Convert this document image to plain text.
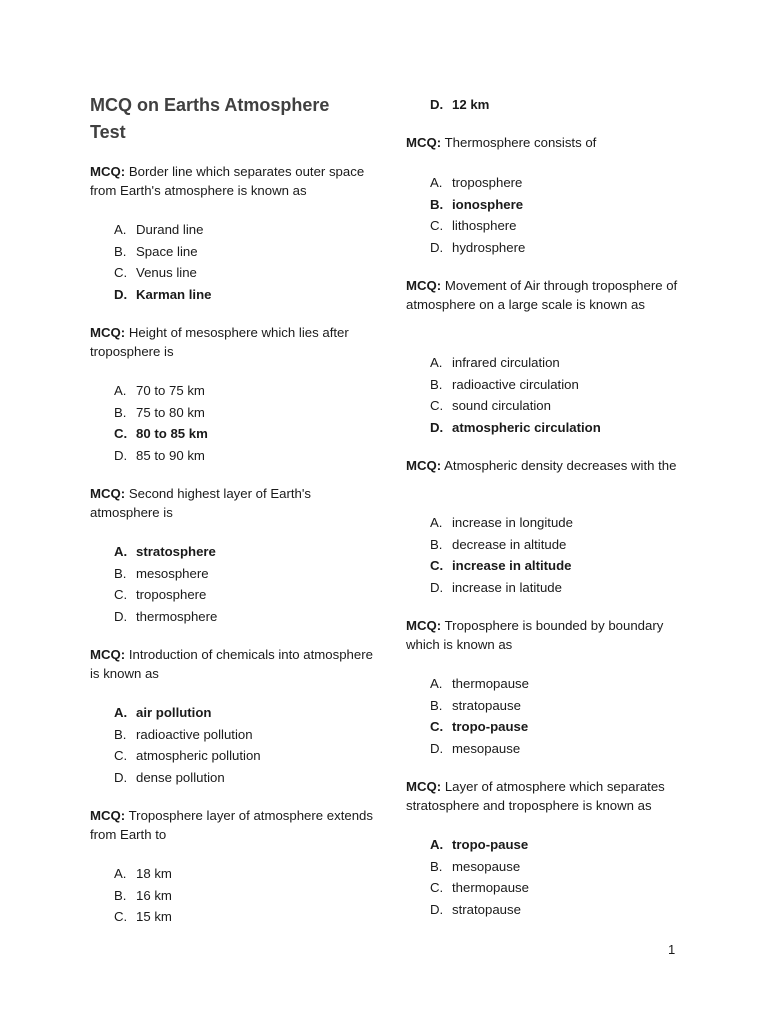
MCQ on Earths Atmosphere Test

MCQ: Border line which separates outer space from Earth's atmosphere is known as

A. Durand line
B. Space line
C. Venus line
D. Karman line

MCQ: Height of mesosphere which lies after troposphere is

A. 70 to 75 km
B. 75 to 80 km
C. 80 to 85 km
D. 85 to 90 km

MCQ: Second highest layer of Earth's atmosphere is

A. stratosphere
B. mesosphere
C. troposphere
D. thermosphere

MCQ: Introduction of chemicals into atmosphere is known as

A. air pollution
B. radioactive pollution
C. atmospheric pollution
D. dense pollution

MCQ: Troposphere layer of atmosphere extends from Earth to

A. 18 km
B. 16 km
C. 15 km
D. 12 km

MCQ: Thermosphere consists of

A. troposphere
B. ionosphere
C. lithosphere
D. hydrosphere

MCQ: Movement of Air through troposphere of atmosphere on a large scale is known as

A. infrared circulation
B. radioactive circulation
C. sound circulation
D. atmospheric circulation

MCQ: Atmospheric density decreases with the

A. increase in longitude
B. decrease in altitude
C. increase in altitude
D. increase in latitude

MCQ: Troposphere is bounded by boundary which is known as

A. thermopause
B. stratopause
C. tropo-pause
D. mesopause

MCQ: Layer of atmosphere which separates stratosphere and troposphere is known as

A. tropo-pause
B. mesopause
C. thermopause
D. stratopause
1
